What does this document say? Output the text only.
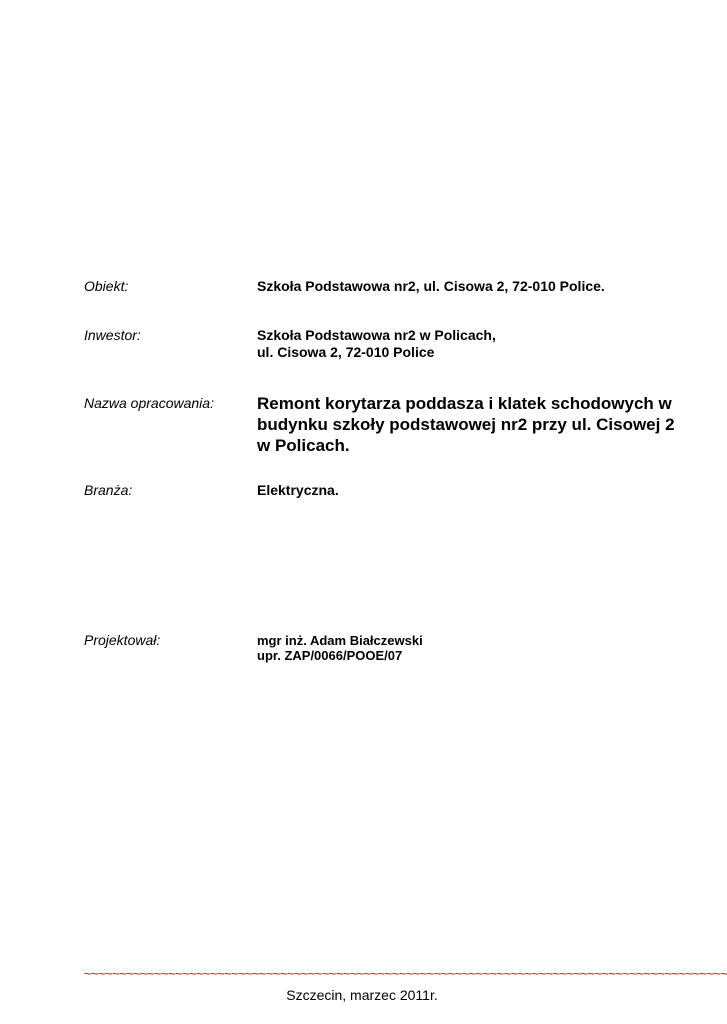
Obiekt:	Szkoła Podstawowa nr2, ul. Cisowa 2, 72-010 Police.
Inwestor:	Szkoła Podstawowa nr2 w Policach,
ul. Cisowa 2, 72-010 Police
Nazwa opracowania:	Remont korytarza poddasza i klatek schodowych w
budynku szkoły podstawowej nr2 przy ul. Cisowej 2
w Policach.
Branża:	Elektryczna.
Projektował:	mgr inż. Adam Białczewski
upr. ZAP/0066/POOE/07
~~~~~~~~~~~~~~~~~~~~~~~~~~~~~~~~~~~~~~~~~~~~~~~~~~~~~~~~~~~~~~~~~~~~~~~~~~~~~~~~~~~~~~~~~~~~
Szczecin, marzec 2011r.
